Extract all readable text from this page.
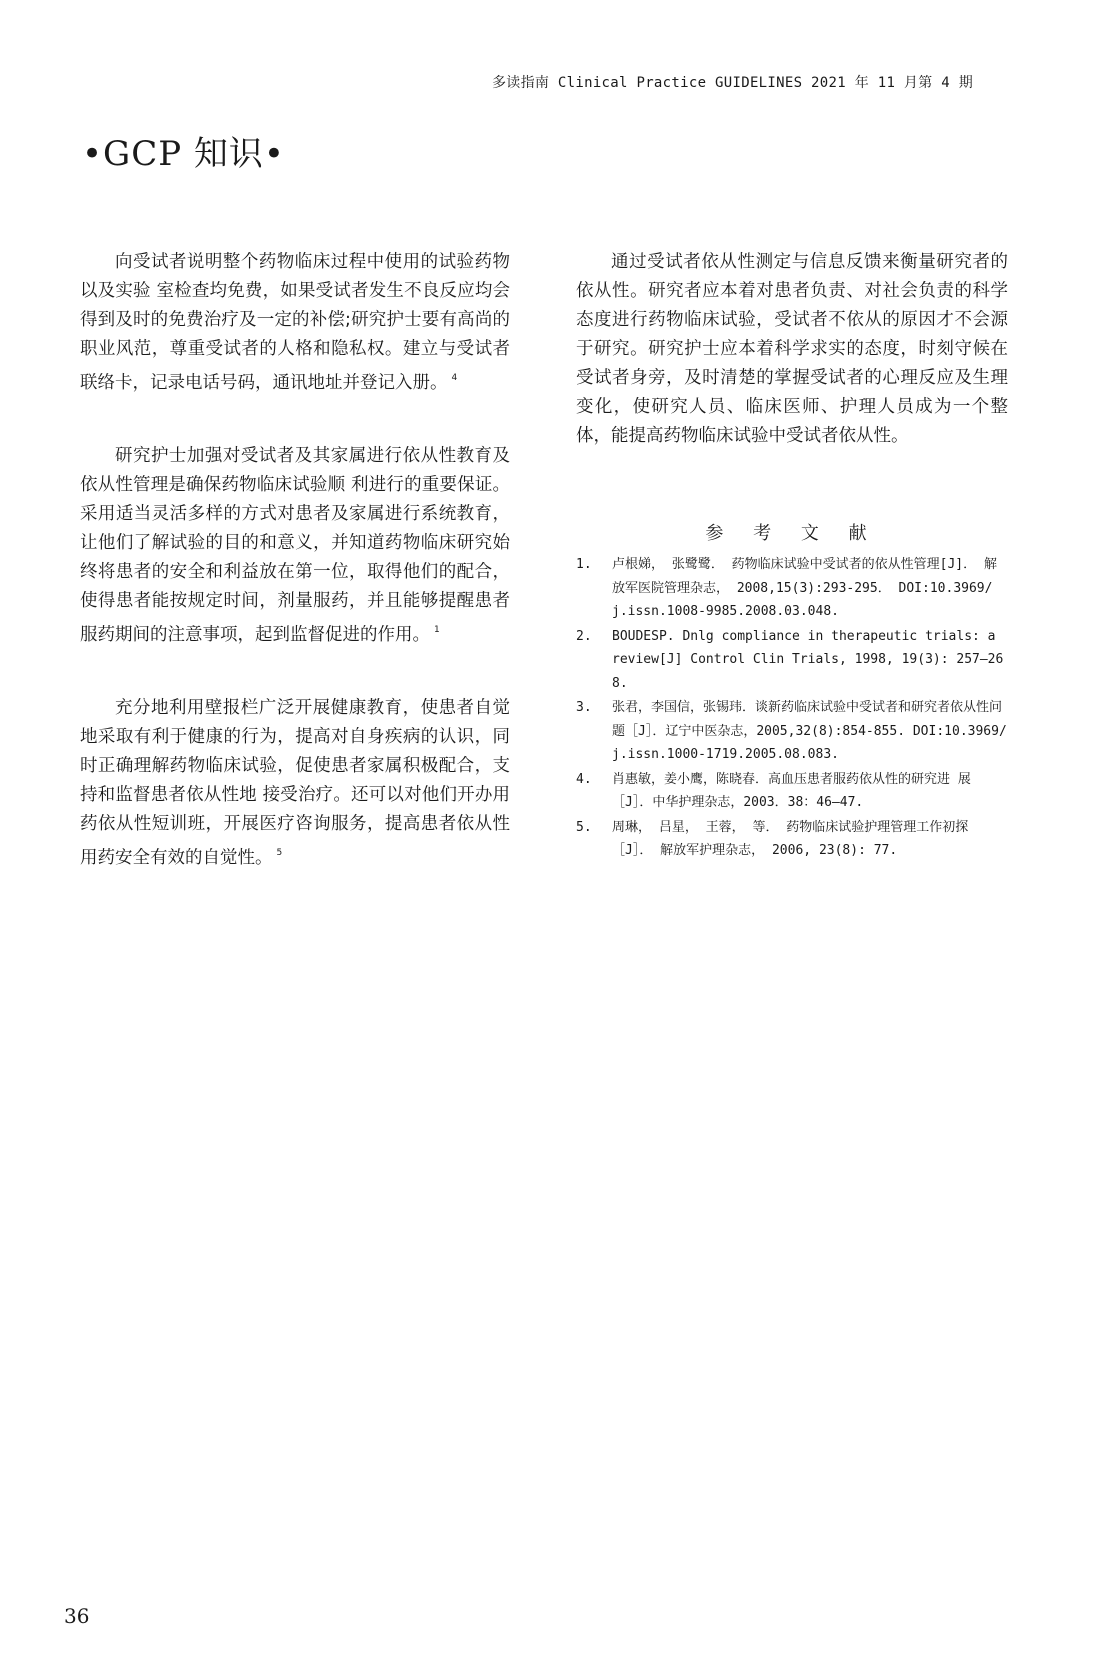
多读指南 Clinical Practice GUIDELINES 2021 年 11 月第 4 期
•GCP 知识•

向受试者说明整个药物临床过程中使用的试验药物以及实验 室检查均免费，如果受试者发生不良反应均会得到及时的免费治疗及一定的补偿;研究护士要有高尚的职业风范，尊重受试者的人格和隐私权。建立与受试者联络卡，记录电话号码，通讯地址并登记入册。 $^4$

研究护士加强对受试者及其家属进行依从性教育及依从性管理是确保药物临床试验顺 利进行的重要保证。采用适当灵活多样的方式对患者及家属进行系统教育，让他们了解试验的目的和意义，并知道药物临床研究始终将患者的安全和利益放在第一位，取得他们的配合，使得患者能按规定时间，剂量服药，并且能够提醒患者服药期间的注意事项，起到监督促进的作用。 $^1$

充分地利用壁报栏广泛开展健康教育，使患者自觉地采取有利于健康的行为，提高对自身疾病的认识，同时正确理解药物临床试验，促使患者家属积极配合，支持和监督患者依从性地 接受治疗。还可以对他们开办用药依从性短训班，开展医疗咨询服务，提高患者依从性用药安全有效的自觉性。 $^5$

通过受试者依从性测定与信息反馈来衡量研究者的依从性。研究者应本着对患者负责、对社会负责的科学态度进行药物临床试验，受试者不依从的原因才不会源于研究。研究护士应本着科学求实的态度，时刻守候在受试者身旁，及时清楚的掌握受试者的心理反应及生理变化，使研究人员、临床医师、护理人员成为一个整体，能提高药物临床试验中受试者依从性。

参 考 文 献
1. 卢根娣， 张鹭鹭． 药物临床试验中受试者的依从性管理[J]． 解放军医院管理杂志， 2008,15(3):293-295． DOI:10.3969/j.issn.1008-9985.2008.03.048.
2. BOUDESP. Dnlg compliance in therapeutic trials: a review[J] Control Clin Trials, 1998, 19(3): 257—268.
3. 张君，李国信，张锡玮．谈新药临床试验中受试者和研究者依从性问题［J］．辽宁中医杂志，2005,32(8):854-855. DOI:10.3969/j.issn.1000-1719.2005.08.083.
4. 肖惠敏，姜小鹰，陈晓春．高血压患者服药依从性的研究进 展［J］．中华护理杂志，2003．38：46—47.
5. 周琳， 吕星， 王蓉， 等． 药物临床试验护理管理工作初探［J］． 解放军护理杂志， 2006, 23(8): 77.
36
